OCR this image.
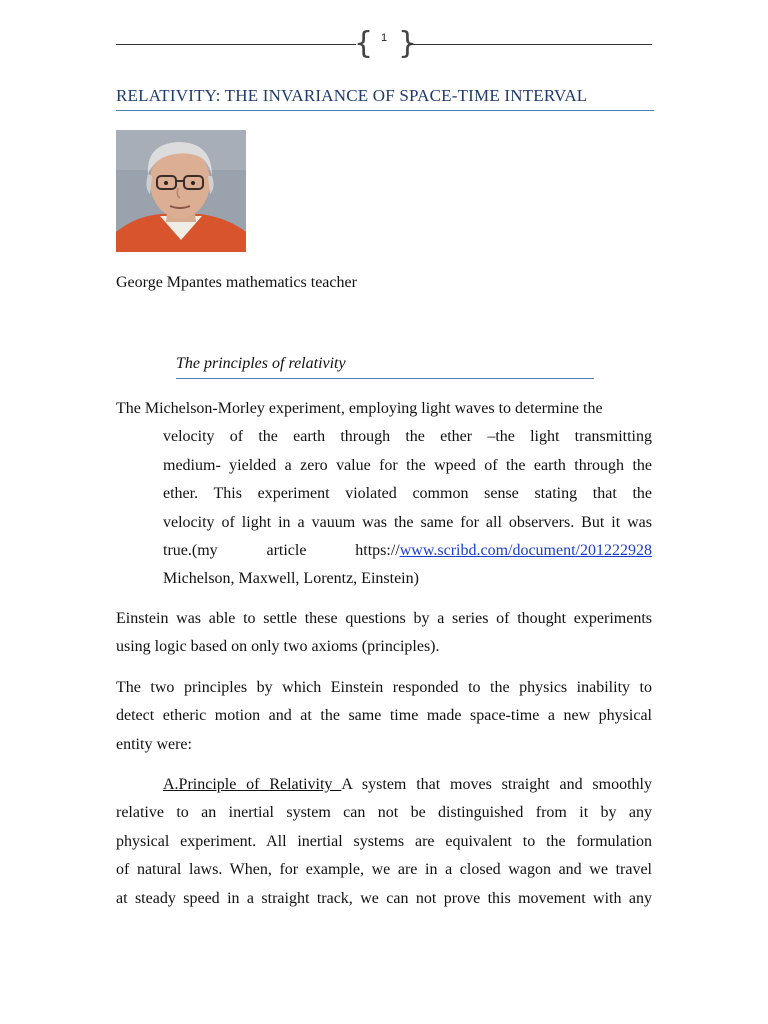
{ 1 }
RELATIVITY: THE INVARIANCE OF SPACE-TIME INTERVAL
George Mpantes mathematics teacher
The principles of relativity
The Michelson-Morley experiment, employing light waves to determine the
velocity of the earth through the ether –the light transmitting
medium- yielded a zero value for the wpeed of the earth through the
ether. This experiment violated common sense stating that the
velocity of light in a vauum was the same for all observers. But it was
true.(my article https://www.scribd.com/document/201222928
Michelson, Maxwell, Lorentz, Einstein)
Einstein was able to settle these questions by a series of thought experiments
using logic based on only two axioms (principles).
The two principles by which Einstein responded to the physics inability to
detect etheric motion and at the same time made space-time a new physical
entity were:
A.Principle of Relativity A system that moves straight and smoothly
relative to an inertial system can not be distinguished from it by any
physical experiment. All inertial systems are equivalent to the formulation
of natural laws. When, for example, we are in a closed wagon and we travel
at steady speed in a straight track, we can not prove this movement with any
